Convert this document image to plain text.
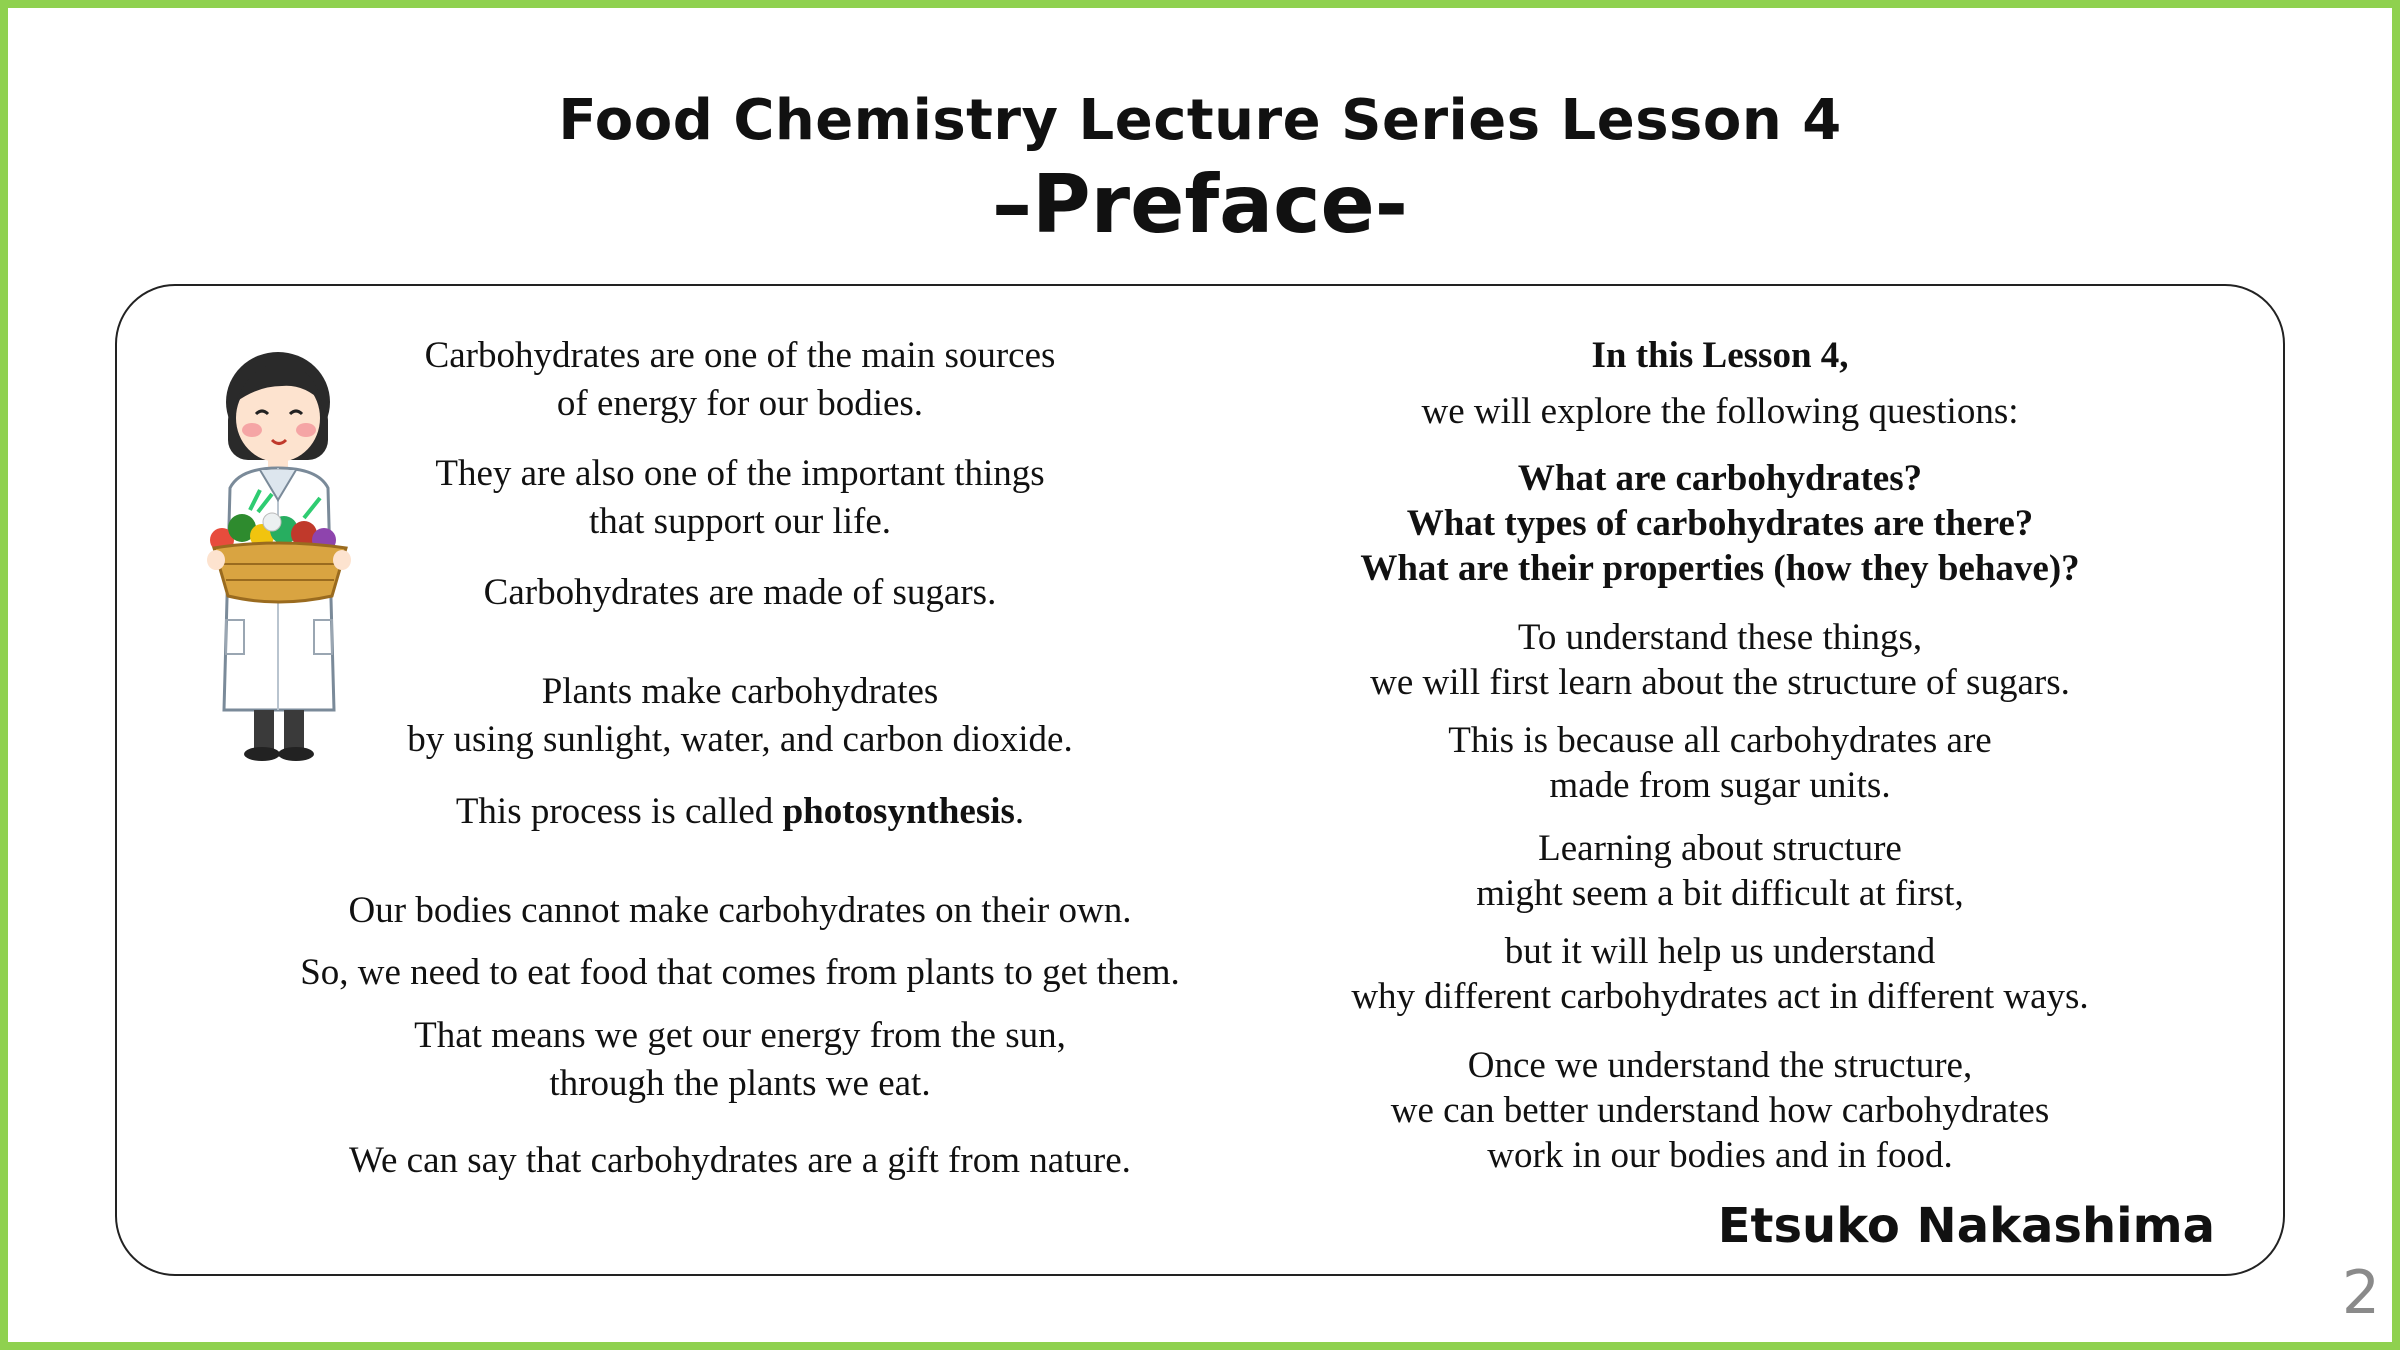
Food Chemistry Lecture Series Lesson 4
–Preface-

Carbohydrates are one of the main sources
of energy for our bodies.

They are also one of the important things
that support our life.

Carbohydrates are made of sugars.

Plants make carbohydrates
by using sunlight, water, and carbon dioxide.

This process is called photosynthesis.

Our bodies cannot make carbohydrates on their own.

So, we need to eat food that comes from plants to get them.

That means we get our energy from the sun,
through the plants we eat.

We can say that carbohydrates are a gift from nature.

In this Lesson 4,

we will explore the following questions:

What are carbohydrates?
What types of carbohydrates are there?
What are their properties (how they behave)?

To understand these things,
we will first learn about the structure of sugars.

This is because all carbohydrates are
made from sugar units.

Learning about structure
might seem a bit difficult at first,

but it will help us understand
why different carbohydrates act in different ways.

Once we understand the structure,
we can better understand how carbohydrates
work in our bodies and in food.

Etsuko Nakashima
2
